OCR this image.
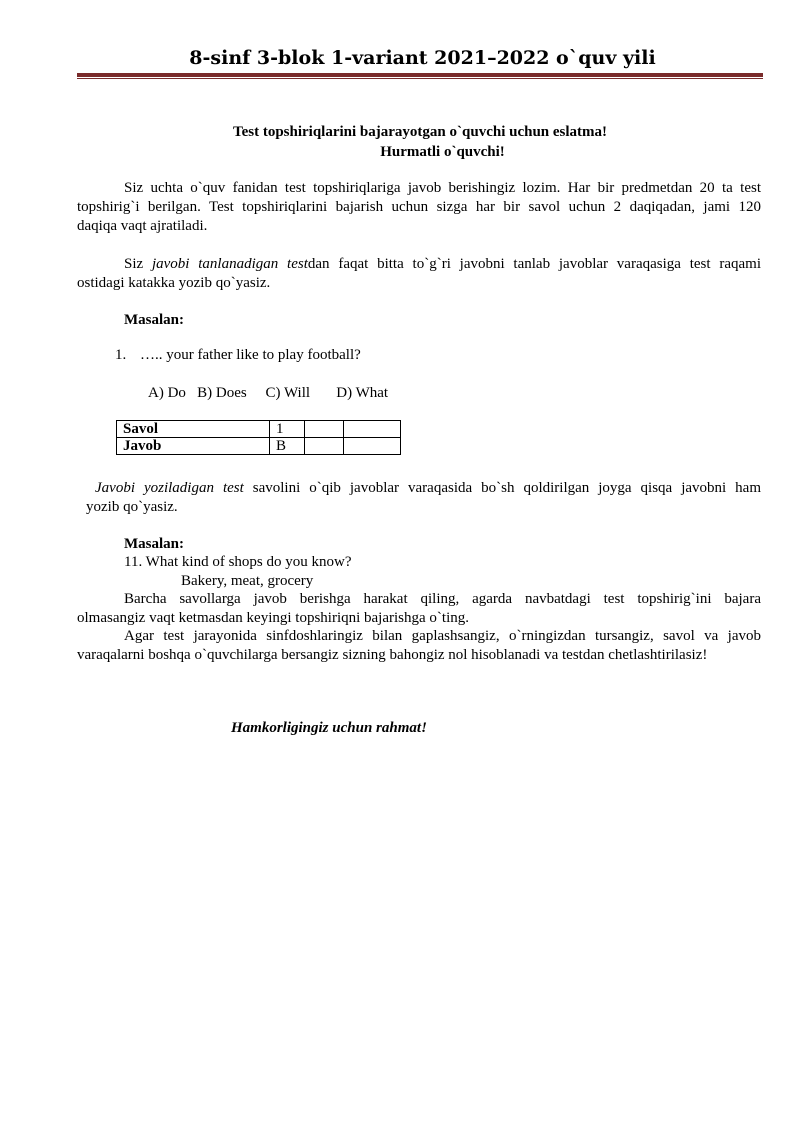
8-sinf 3-blok 1-variant 2021–2022 o`quv yili
Test topshiriqlarini bajarayotgan o`quvchi uchun eslatma!
Hurmatli o`quvchi!
Siz uchta o`quv fanidan test topshiriqlariga javob berishingiz lozim. Har bir predmetdan 20 ta test
topshirig`i berilgan. Test topshiriqlarini bajarish uchun sizga har bir savol uchun 2 daqiqadan, jami 120
daqiqa vaqt ajratiladi.
Siz javobi tanlanadigan testdan faqat bitta to`g`ri javobni tanlab javoblar varaqasiga test raqami
ostidagi katakka yozib qo`yasiz.
Masalan:
1. ….. your father like to play football?
A) Do   B) Does     C) Will       D) What
Savol	1		
Javob	B		
Javobi yoziladigan test savolini o`qib javoblar varaqasida bo`sh qoldirilgan joyga qisqa javobni ham
yozib qo`yasiz.
Masalan:
11. What kind of shops do you know?
Bakery, meat, grocery
Barcha savollarga javob berishga harakat qiling, agarda navbatdagi test topshirig`ini bajara
olmasangiz vaqt ketmasdan keyingi topshiriqni bajarishga o`ting.
Agar test jarayonida sinfdoshlaringiz bilan gaplashsangiz, o`rningizdan tursangiz, savol va javob
varaqalarni boshqa o`quvchilarga bersangiz sizning bahongiz nol hisoblanadi va testdan chetlashtirilasiz!
Hamkorligingiz uchun rahmat!
